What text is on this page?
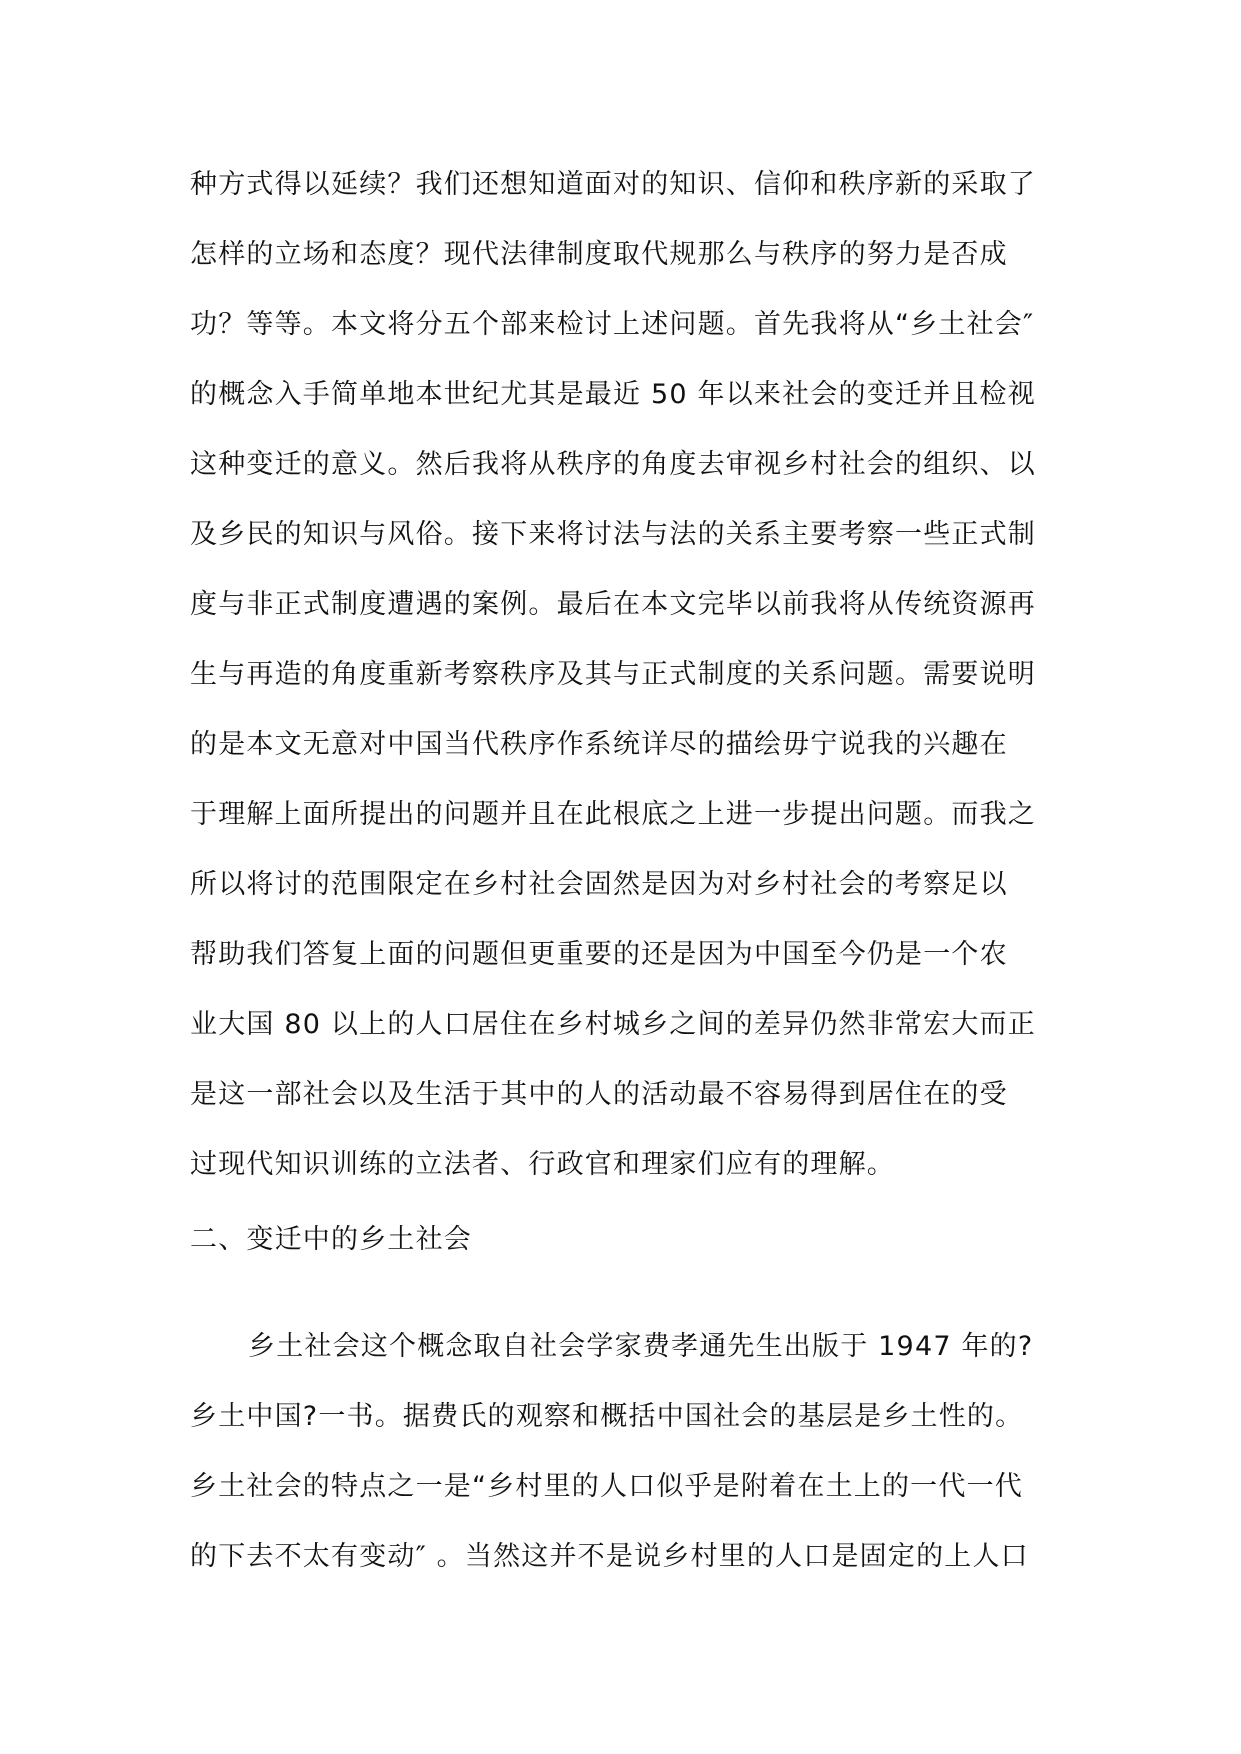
种方式得以延续？我们还想知道面对的知识、信仰和秩序新的采取了
怎样的立场和态度？现代法律制度取代规那么与秩序的努力是否成
功？等等。本文将分五个部来检讨上述问题。首先我将从“乡土社会″
的概念入手简单地本世纪尤其是最近 50 年以来社会的变迁并且检视
这种变迁的意义。然后我将从秩序的角度去审视乡村社会的组织、以
及乡民的知识与风俗。接下来将讨法与法的关系主要考察一些正式制
度与非正式制度遭遇的案例。最后在本文完毕以前我将从传统资源再
生与再造的角度重新考察秩序及其与正式制度的关系问题。需要说明
的是本文无意对中国当代秩序作系统详尽的描绘毋宁说我的兴趣在
于理解上面所提出的问题并且在此根底之上进一步提出问题。而我之
所以将讨的范围限定在乡村社会固然是因为对乡村社会的考察足以
帮助我们答复上面的问题但更重要的还是因为中国至今仍是一个农
业大国 80 以上的人口居住在乡村城乡之间的差异仍然非常宏大而正
是这一部社会以及生活于其中的人的活动最不容易得到居住在的受
过现代知识训练的立法者、行政官和理家们应有的理解。
二、变迁中的乡土社会
乡土社会这个概念取自社会学家费孝通先生出版于 1947 年的?
乡土中国?一书。据费氏的观察和概括中国社会的基层是乡土性的。
乡土社会的特点之一是“乡村里的人口似乎是附着在土上的一代一代
的下去不太有变动″ 。当然这并不是说乡村里的人口是固定的上人口
